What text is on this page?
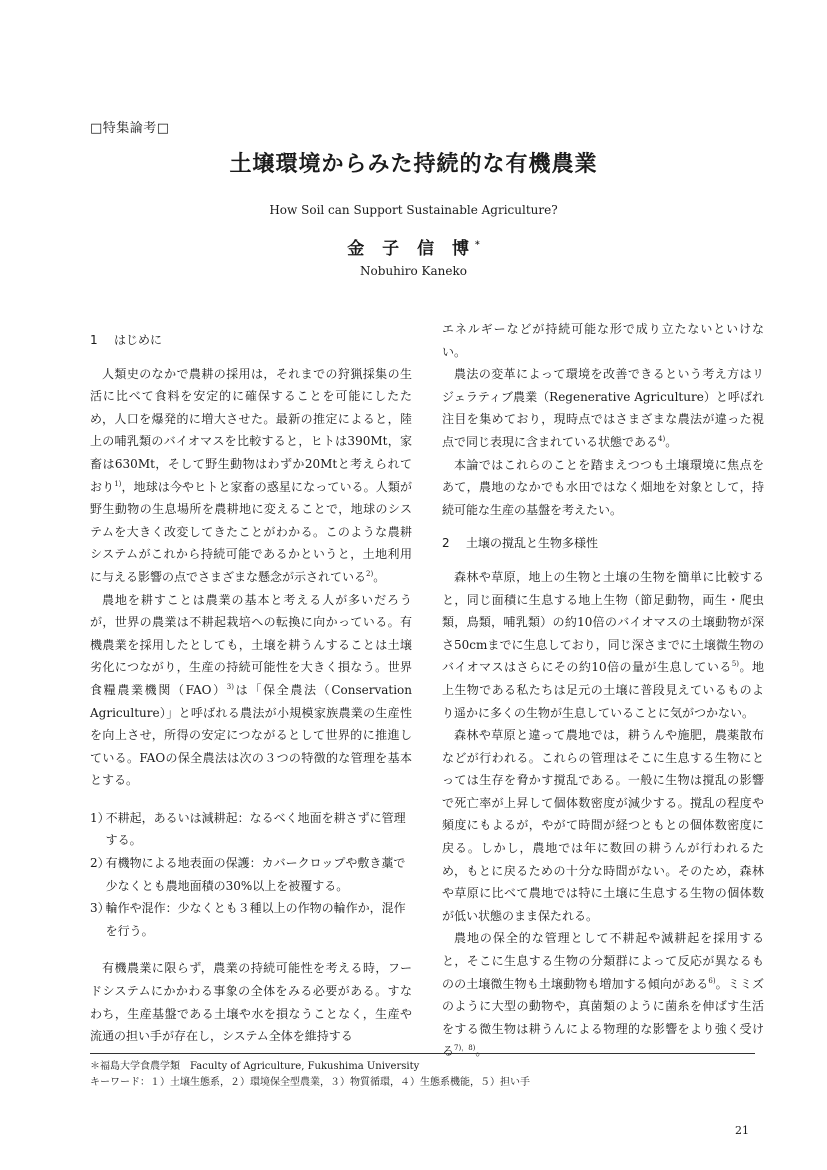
□特集論考□
土壌環境からみた持続的な有機農業
How Soil can Support Sustainable Agriculture?
金 子 信 博*
Nobuhiro Kaneko
1 はじめに

人類史のなかで農耕の採用は，それまでの狩猟採集の生活に比べて食料を安定的に確保することを可能にしたため，人口を爆発的に増大させた。最新の推定によると，陸上の哺乳類のバイオマスを比較すると，ヒトは390Mt，家畜は630Mt，そして野生動物はわずか20Mtと考えられており$^{1)}$，地球は今やヒトと家畜の惑星になっている。人類が野生動物の生息場所を農耕地に変えることで，地球のシステムを大きく改変してきたことがわかる。このような農耕システムがこれから持続可能であるかというと，土地利用に与える影響の点でさまざまな懸念が示されている$^{2)}$。

農地を耕すことは農業の基本と考える人が多いだろうが，世界の農業は不耕起栽培への転換に向かっている。有機農業を採用したとしても，土壌を耕うんすることは土壌劣化につながり，生産の持続可能性を大きく損なう。世界食糧農業機関（FAO）$^{3)}$は「保全農法（Conservation Agriculture）」と呼ばれる農法が小規模家族農業の生産性を向上させ，所得の安定につながるとして世界的に推進している。FAOの保全農法は次の３つの特徴的な管理を基本とする。

1）不耕起，あるいは減耕起：なるべく地面を耕さずに管理する。
2）有機物による地表面の保護：カバークロップや敷き藁で少なくとも農地面積の30%以上を被覆する。
3）輪作や混作：少なくとも３種以上の作物の輪作か，混作を行う。

有機農業に限らず，農業の持続可能性を考える時，フードシステムにかかわる事象の全体をみる必要がある。すなわち，生産基盤である土壌や水を損なうことなく，生産や流通の担い手が存在し，システム全体を維持する

エネルギーなどが持続可能な形で成り立たないといけない。

農法の変革によって環境を改善できるという考え方はリジェラティブ農業（Regenerative Agriculture）と呼ばれ注目を集めており，現時点ではさまざまな農法が違った視点で同じ表現に含まれている状態である$^{4)}$。

本論ではこれらのことを踏まえつつも土壌環境に焦点をあて，農地のなかでも水田ではなく畑地を対象として，持続可能な生産の基盤を考えたい。

2 土壌の撹乱と生物多様性

森林や草原，地上の生物と土壌の生物を簡単に比較すると，同じ面積に生息する地上生物（節足動物，両生・爬虫類，鳥類，哺乳類）の約10倍のバイオマスの土壌動物が深さ50cmまでに生息しており，同じ深さまでに土壌微生物のバイオマスはさらにその約10倍の量が生息している$^{5)}$。地上生物である私たちは足元の土壌に普段見えているものより遥かに多くの生物が生息していることに気がつかない。

森林や草原と違って農地では，耕うんや施肥，農薬散布などが行われる。これらの管理はそこに生息する生物にとっては生存を脅かす撹乱である。一般に生物は撹乱の影響で死亡率が上昇して個体数密度が減少する。撹乱の程度や頻度にもよるが，やがて時間が経つともとの個体数密度に戻る。しかし，農地では年に数回の耕うんが行われるため，もとに戻るための十分な時間がない。そのため，森林や草原に比べて農地では特に土壌に生息する生物の個体数が低い状態のまま保たれる。

農地の保全的な管理として不耕起や減耕起を採用すると，そこに生息する生物の分類群によって反応が異なるものの土壌微生物も土壌動物も増加する傾向がある$^{6)}$。ミミズのように大型の動物や，真菌類のように菌糸を伸ばす生活をする微生物は耕うんによる物理的な影響をより強く受ける$^{7),8)}$。

＊福島大学食農学類　Faculty of Agriculture, Fukushima University
キーワード：１）土壌生態系，２）環境保全型農業，３）物質循環，４）生態系機能，５）担い手
21
